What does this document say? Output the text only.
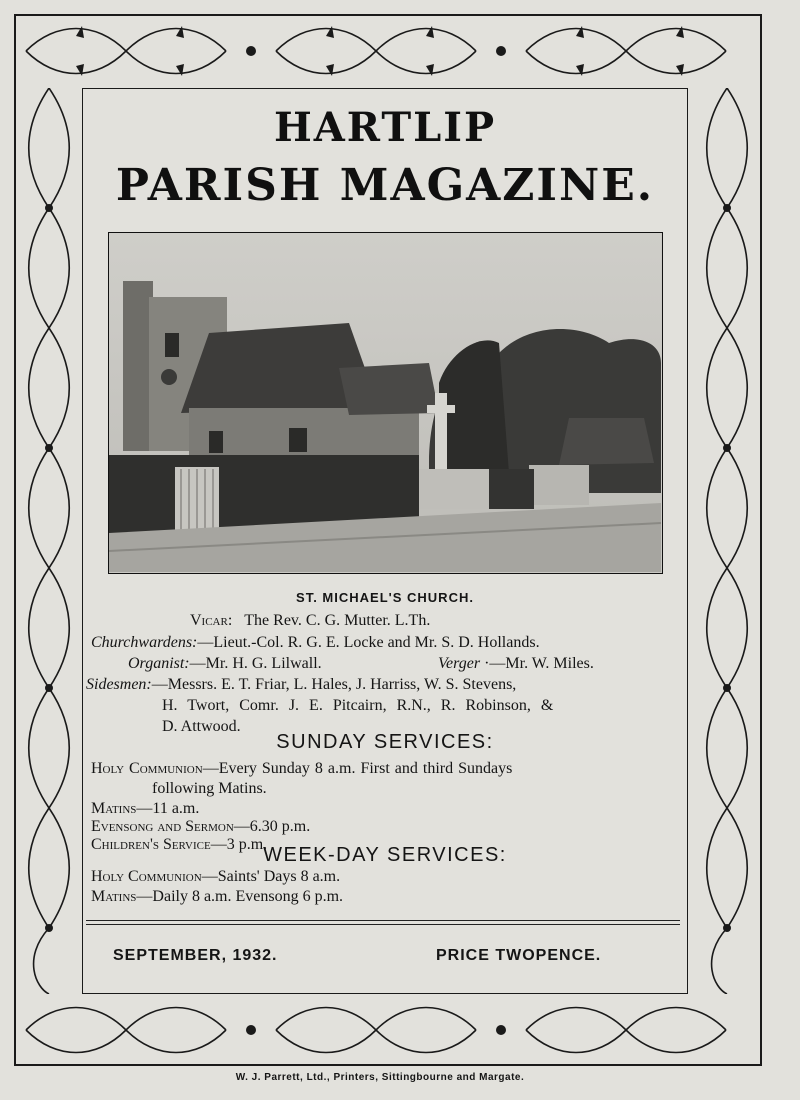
HARTLIP
PARISH MAGAZINE.
ST. MICHAEL'S CHURCH.
Vicar: The Rev. C. G. Mutter. L.Th.
Churchwardens:—Lieut.-Col. R. G. E. Locke and Mr. S. D. Hollands.
Organist:—Mr. H. G. Lilwall.	Verger ·—Mr. W. Miles.
Sidesmen:—Messrs. E. T. Friar, L. Hales, J. Harriss, W. S. Stevens,
H. Twort, Comr. J. E. Pitcairn, R.N., R. Robinson, &
D. Attwood.
SUNDAY SERVICES:
Holy Communion—Every Sunday 8 a.m. First and third Sundays
following Matins.
Matins—11 a.m.
Evensong and Sermon—6.30 p.m.
Children's Service—3 p.m.
WEEK-DAY SERVICES:
Holy Communion—Saints' Days 8 a.m.
Matins—Daily 8 a.m. Evensong 6 p.m.
SEPTEMBER, 1932.	PRICE TWOPENCE.
W. J. Parrett, Ltd., Printers, Sittingbourne and Margate.
